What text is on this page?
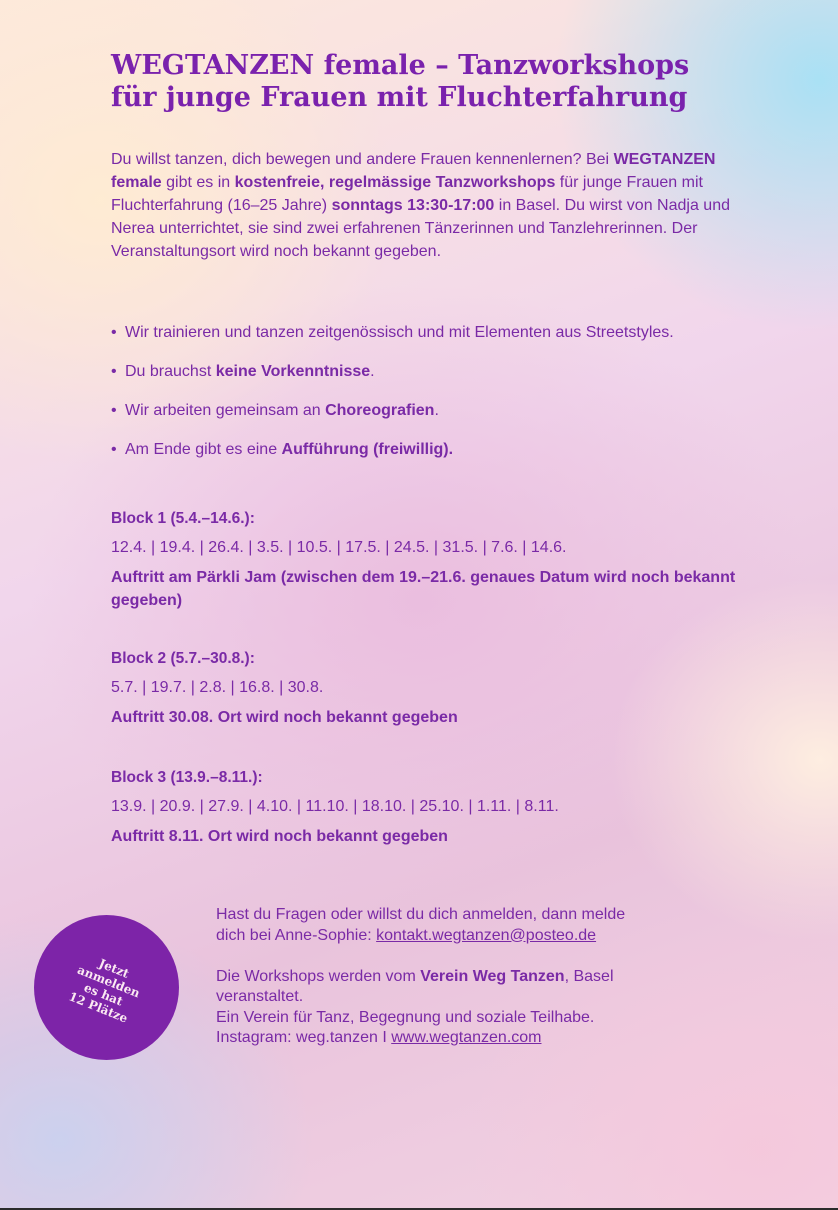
WEGTANZEN female – Tanzworkshops
für junge Frauen mit Fluchterfahrung

Du willst tanzen, dich bewegen und andere Frauen kennenlernen? Bei WEGTANZEN female gibt es in kostenfreie, regelmässige Tanzworkshops für junge Frauen mit Fluchterfahrung (16–25 Jahre) sonntags 13:30-17:00 in Basel. Du wirst von Nadja und Nerea unterrichtet, sie sind zwei erfahrenen Tänzerinnen und Tanzlehrerinnen. Der Veranstaltungsort wird noch bekannt gegeben.

• Wir trainieren und tanzen zeitgenössisch und mit Elementen aus Streetstyles.
• Du brauchst keine Vorkenntnisse.
• Wir arbeiten gemeinsam an Choreografien.
• Am Ende gibt es eine Aufführung (freiwillig).

Block 1 (5.4.–14.6.):

12.4. | 19.4. | 26.4. | 3.5. | 10.5. | 17.5. | 24.5. | 31.5. | 7.6. | 14.6.

Auftritt am Pärkli Jam (zwischen dem 19.–21.6. genaues Datum wird noch bekannt gegeben)

Block 2 (5.7.–30.8.):

5.7. | 19.7. | 2.8. | 16.8. | 30.8.

Auftritt 30.08. Ort wird noch bekannt gegeben

Block 3 (13.9.–8.11.):

13.9. | 20.9. | 27.9. | 4.10. | 11.10. | 18.10. | 25.10. | 1.11. | 8.11.

Auftritt 8.11. Ort wird noch bekannt gegeben

Jetzt
anmelden
es hat
12 Plätze

Hast du Fragen oder willst du dich anmelden, dann melde
dich bei Anne-Sophie: kontakt.wegtanzen@posteo.de

Die Workshops werden vom Verein Weg Tanzen, Basel
veranstaltet.
Ein Verein für Tanz, Begegnung und soziale Teilhabe.
Instagram: weg.tanzen I www.wegtanzen.com
